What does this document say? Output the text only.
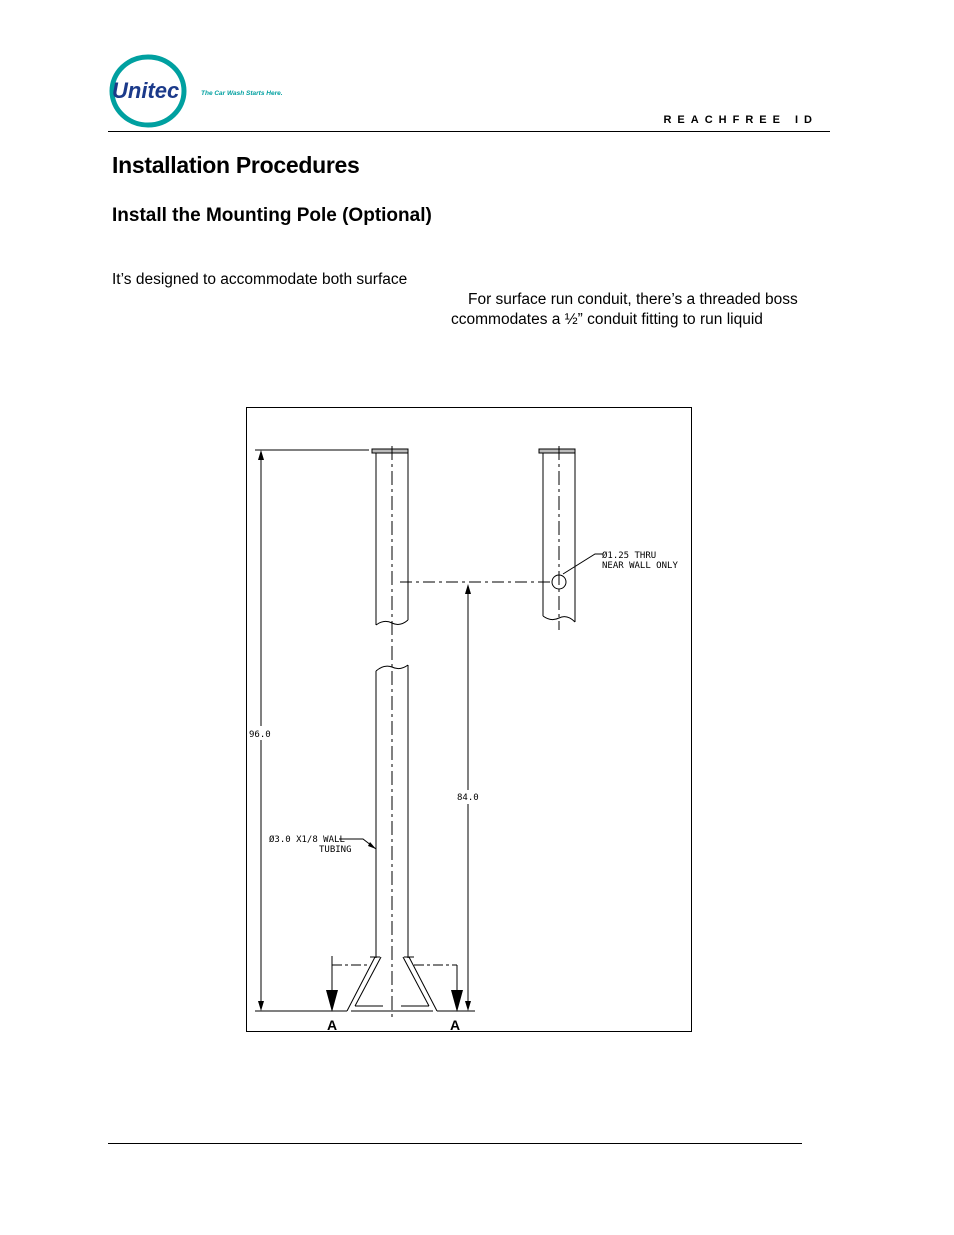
Unitec	The Car Wash Starts Here.
REACHFREE ID
Installation Procedures
Install the Mounting Pole (Optional)
It’s designed to accommodate both surface
For surface run conduit, there’s a threaded boss
ccommodates a ½” conduit fitting to run liquid
96.0
84.0
Ø1.25 THRU
NEAR WALL ONLY
Ø3.0 X1/8 WALL
TUBING
A	A
